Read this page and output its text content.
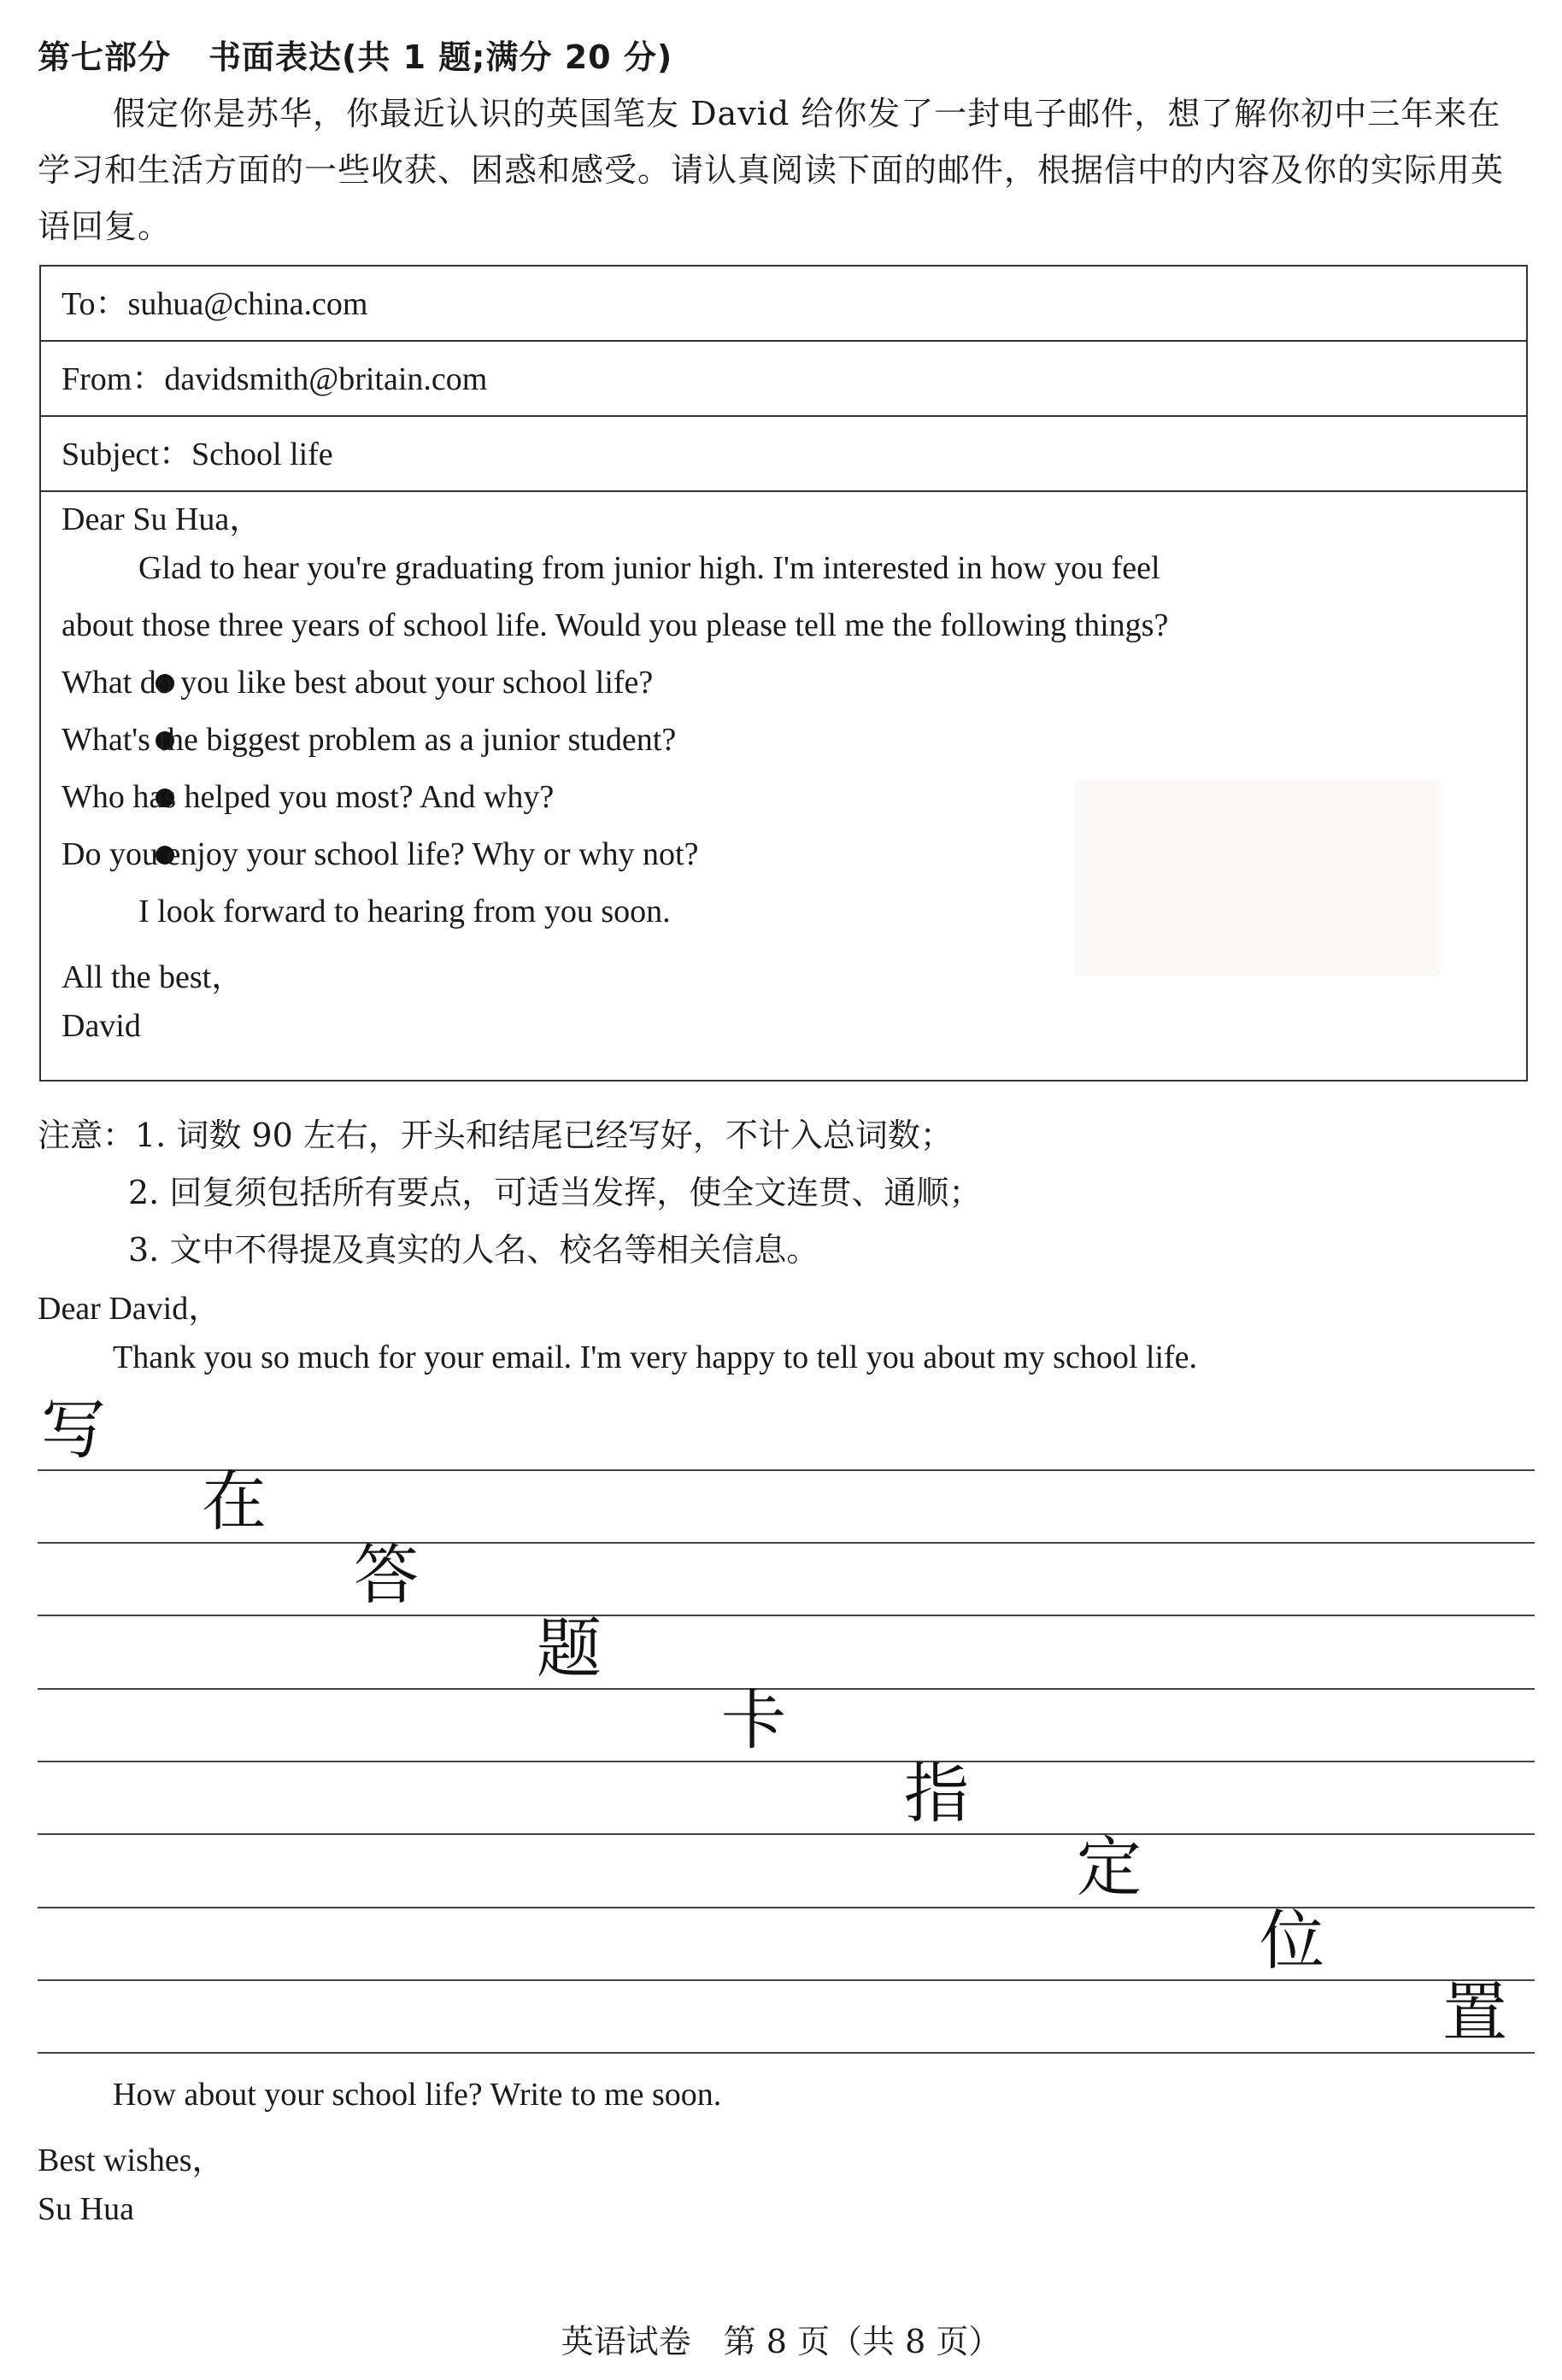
第七部分 书面表达(共 1 题;满分 20 分)
假定你是苏华，你最近认识的英国笔友 David 给你发了一封电子邮件，想了解你初中三年来在学习和生活方面的一些收获、困惑和感受。请认真阅读下面的邮件，根据信中的内容及你的实际用英语回复。
To：suhua@china.com
From：davidsmith@britain.com
Subject：School life
Dear Su Hua，
Glad to hear you're graduating from junior high. I'm interested in how you feel
about those three years of school life. Would you please tell me the following things?
What do you like best about your school life?
What's the biggest problem as a junior student?
Who has helped you most? And why?
Do you enjoy your school life? Why or why not?
I look forward to hearing from you soon.
All the best，
David
注意：1. 词数 90 左右，开头和结尾已经写好，不计入总词数；
2. 回复须包括所有要点，可适当发挥，使全文连贯、通顺；
3. 文中不得提及真实的人名、校名等相关信息。
Dear David，
Thank you so much for your email. I'm very happy to tell you about my school life.
写
在
答
题
卡
指
定
位
置
How about your school life? Write to me soon.
Best wishes，
Su Hua
英语试卷　第 8 页（共 8 页）
